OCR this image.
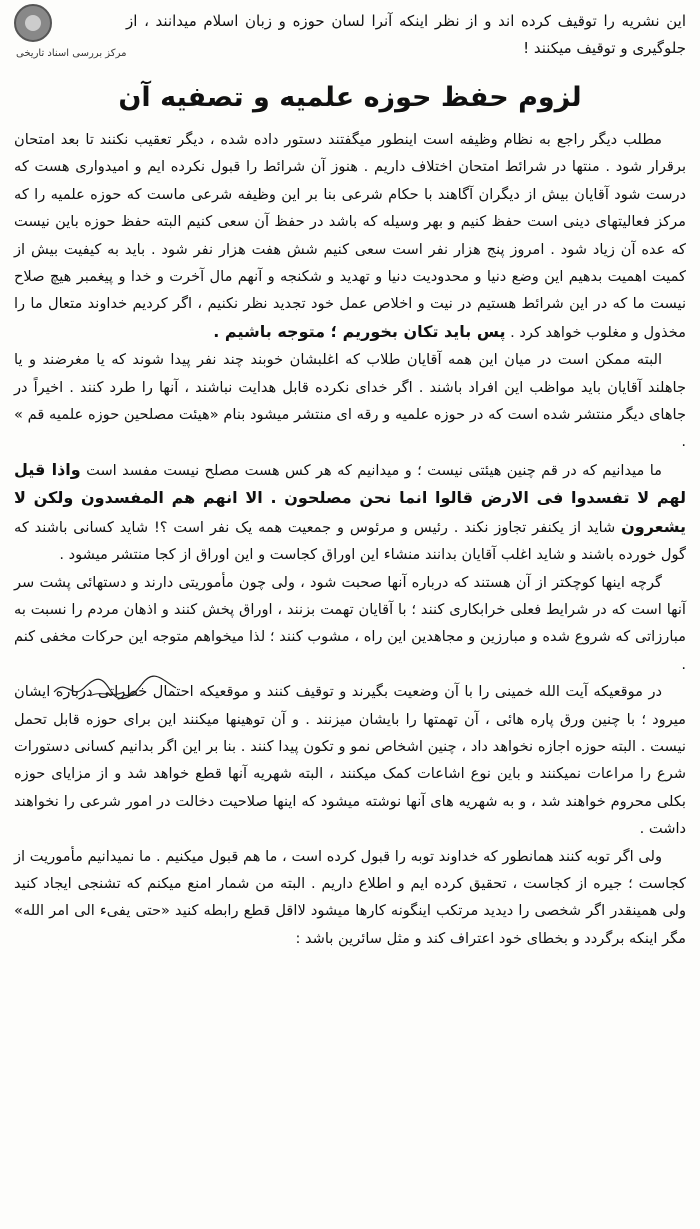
مرکز بررسی اسناد تاریخی
این نشریه را توقیف کرده اند و از نظر اینکه آنرا لسان حوزه و زبان اسلام میدانند ، از جلوگیری و توقیف میکنند !
لزوم حفظ حوزه علمیه و تصفیه آن

مطلب دیگر راجع به نظام وظیفه است اینطور میگفتند دستور داده شده ، دیگر تعقیب نکنند تا بعد امتحان برقرار شود . منتها در شرائط امتحان اختلاف داریم . هنوز آن شرائط را قبول نکرده ایم و امیدواری هست که درست شود آقایان بیش از دیگران آگاهند با حکام شرعی بنا بر این وظیفه شرعی ماست که حوزه علمیه را که مرکز فعالیتهای دینی است حفظ کنیم و بهر وسیله که باشد در حفظ آن سعی کنیم البته حفظ حوزه باین نیست که عده آن زیاد شود . امروز پنج هزار نفر است سعی کنیم شش هفت هزار نفر شود . باید به کیفیت بیش از کمیت اهمیت بدهیم این وضع دنیا و محدودیت دنیا و تهدید و شکنجه و آنهم مال آخرت و خدا و پیغمبر هیچ صلاح نیست ما که در این شرائط هستیم در نیت و اخلاص عمل خود تجدید نظر نکنیم ، اگر کردیم خداوند متعال ما را مخذول و مغلوب خواهد کرد . پس باید تکان بخوریم ؛ متوجه باشیم .

البته ممکن است در میان این همه آقایان طلاب که اغلبشان خوبند چند نفر پیدا شوند که یا مغرضند و یا جاهلند آقایان باید مواظب این افراد باشند . اگر خدای نکرده قابل هدایت نباشند ، آنها را طرد کنند . اخیراً در جاهای دیگر منتشر شده است که در حوزه علمیه و رقه ای منتشر میشود بنام «هیئت مصلحین حوزه علمیه قم » .

ما میدانیم که در قم چنین هیئتی نیست ؛ و میدانیم که هر کس هست مصلح نیست مفسد است واذا قیل لهم لا تفسدوا فی الارض قالوا انما نحن مصلحون . الا انهم هم المفسدون ولکن لا یشعرون شاید از یکنفر تجاوز نکند . رئیس و مرئوس و جمعیت همه یک نفر است ؟! شاید کسانی باشند که گول خورده باشند و شاید اغلب آقایان بدانند منشاء این اوراق کجاست و این اوراق از کجا منتشر میشود .

گرچه اینها کوچکتر از آن هستند که درباره آنها صحبت شود ، ولی چون مأموریتی دارند و دستهائی پشت سر آنها است که در شرایط فعلی خرابکاری کنند ؛ با آقایان تهمت بزنند ، اوراق پخش کنند و اذهان مردم را نسبت به مبارزاتی که شروع شده و مبارزین و مجاهدین این راه ، مشوب کنند ؛ لذا میخواهم متوجه این حرکات مخفی کنم .

در موقعیکه آیت الله خمینی را با آن وضعیت بگیرند و توقیف کنند و موقعیکه احتمال خطراتی درباره ایشان میرود ؛ با چنین ورق پاره هائی ، آن تهمتها را بایشان میزنند . و آن توهینها میکنند این برای حوزه قابل تحمل نیست . البته حوزه اجازه نخواهد داد ، چنین اشخاص نمو و تکون پیدا کنند . بنا بر این اگر بدانیم کسانی دستورات شرع را مراعات نمیکنند و باین نوع اشاعات کمک میکنند ، البته شهریه آنها قطع خواهد شد و از مزایای حوزه بکلی محروم خواهند شد ، و به شهریه های آنها نوشته میشود که اینها صلاحیت دخالت در امور شرعی را نخواهند داشت .

ولی اگر توبه کنند همانطور که خداوند توبه را قبول کرده است ، ما هم قبول میکنیم . ما نمیدانیم مأموریت از کجاست ؛ جیره از کجاست ، تحقیق کرده ایم و اطلاع داریم . البته من شمار امنع میکنم که تشنجی ایجاد کنید ولی همینقدر اگر شخصی را دیدید مرتکب اینگونه کارها میشود لااقل قطع رابطه کنید «حتی یفیء الی امر الله» مگر اینکه برگردد و بخطای خود اعتراف کند و مثل سائرین باشد :
